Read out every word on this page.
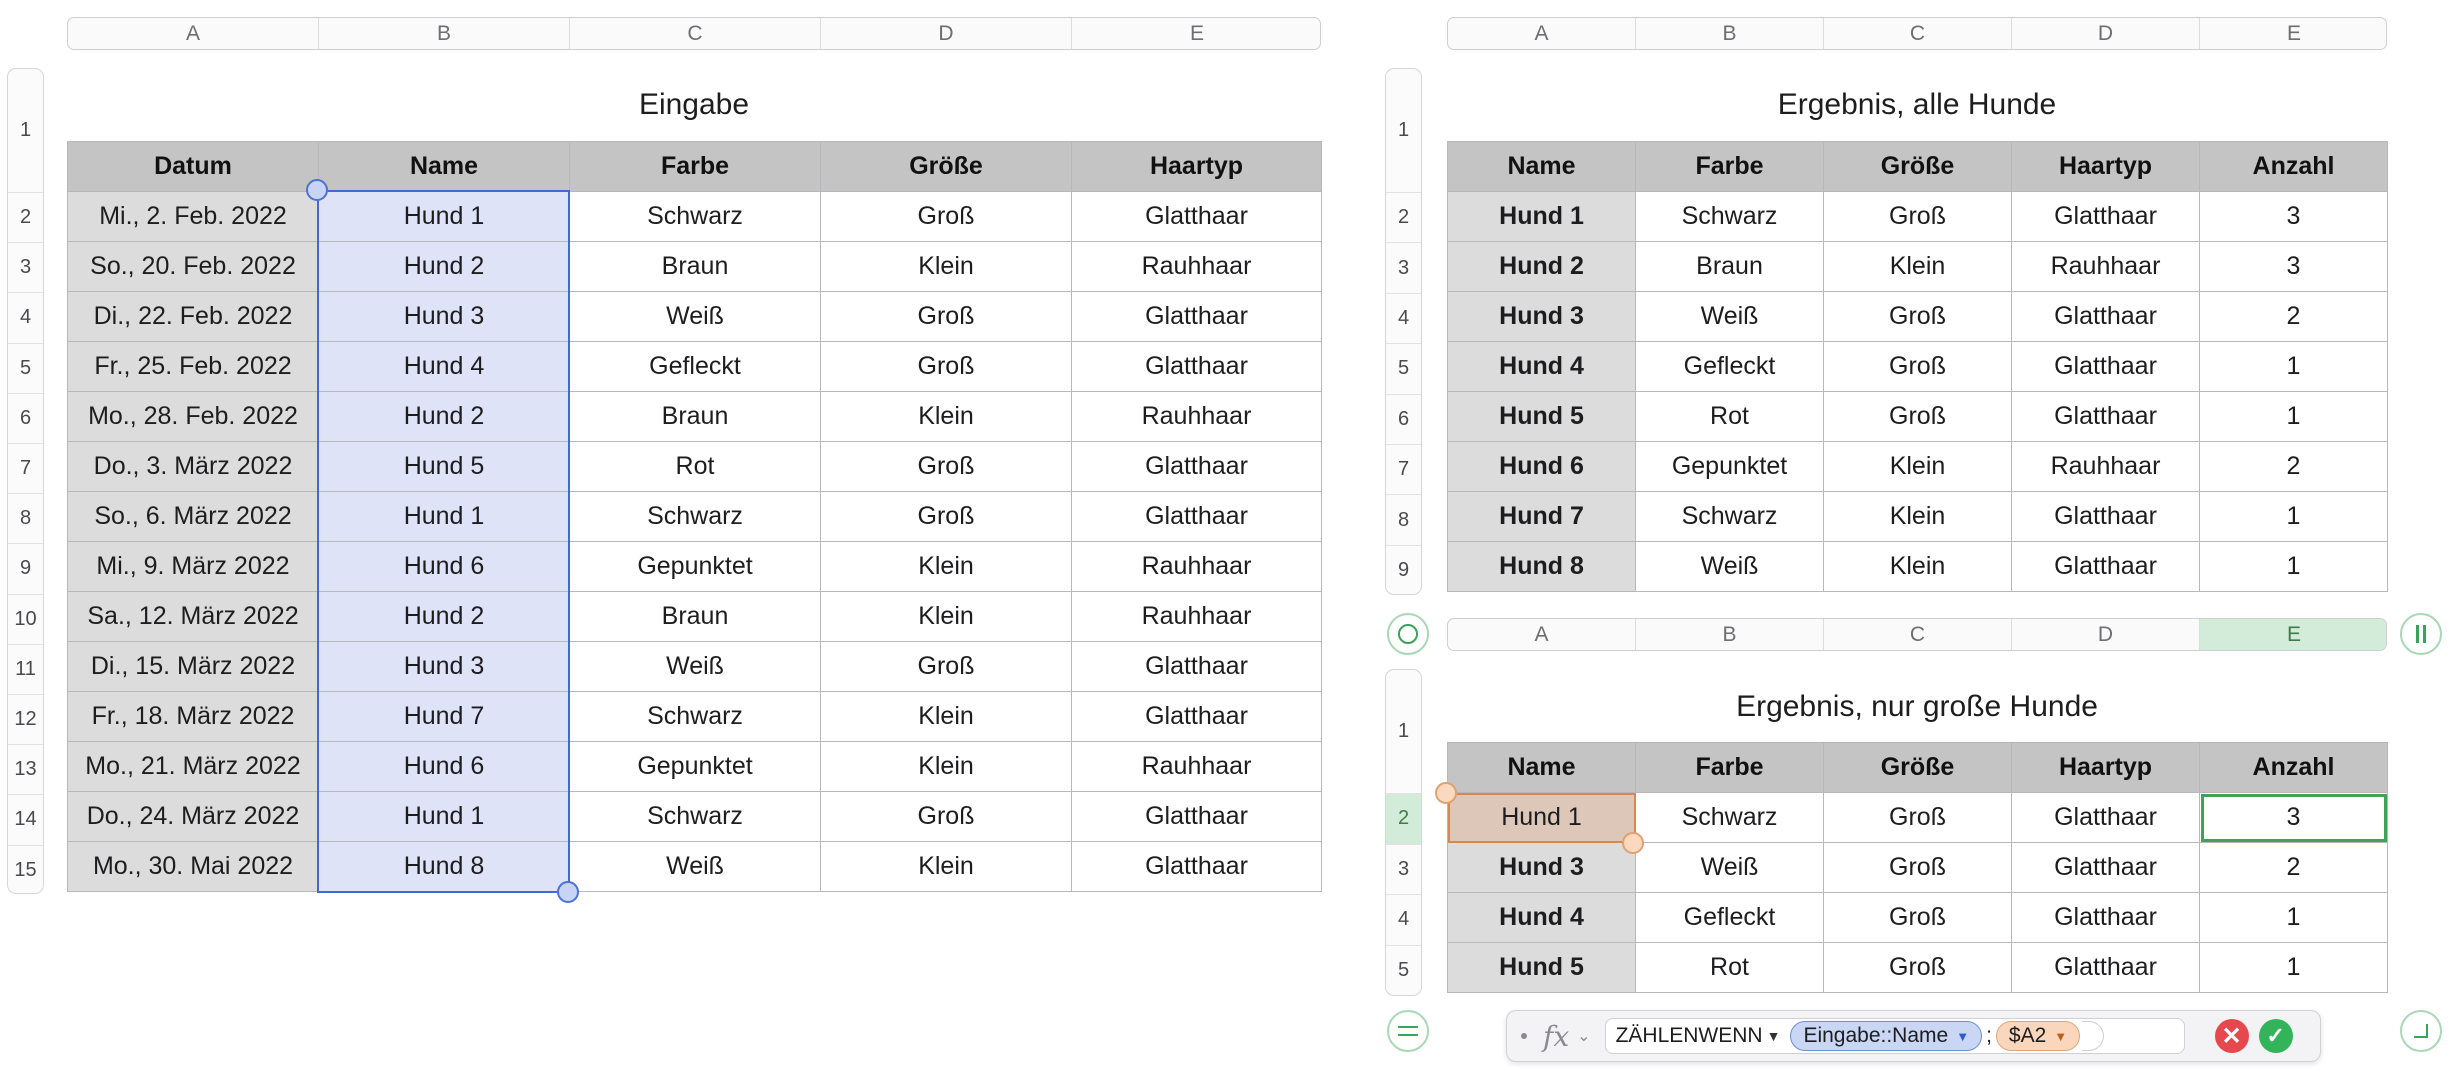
A	B	C	D	E
1
2
3
4
5
6
7
8
9
10
11
12
13
14
15
Eingabe
Datum	Name	Farbe	Größe	Haartyp
Mi., 2. Feb. 2022	Hund 1	Schwarz	Groß	Glatthaar
So., 20. Feb. 2022	Hund 2	Braun	Klein	Rauhhaar
Di., 22. Feb. 2022	Hund 3	Weiß	Groß	Glatthaar
Fr., 25. Feb. 2022	Hund 4	Gefleckt	Groß	Glatthaar
Mo., 28. Feb. 2022	Hund 2	Braun	Klein	Rauhhaar
Do., 3. März 2022	Hund 5	Rot	Groß	Glatthaar
So., 6. März 2022	Hund 1	Schwarz	Groß	Glatthaar
Mi., 9. März 2022	Hund 6	Gepunktet	Klein	Rauhhaar
Sa., 12. März 2022	Hund 2	Braun	Klein	Rauhhaar
Di., 15. März 2022	Hund 3	Weiß	Groß	Glatthaar
Fr., 18. März 2022	Hund 7	Schwarz	Klein	Glatthaar
Mo., 21. März 2022	Hund 6	Gepunktet	Klein	Rauhhaar
Do., 24. März 2022	Hund 1	Schwarz	Groß	Glatthaar
Mo., 30. Mai 2022	Hund 8	Weiß	Klein	Glatthaar
A	B	C	D	E
1
2
3
4
5
6
7
8
9
Ergebnis, alle Hunde
Name	Farbe	Größe	Haartyp	Anzahl
Hund 1	Schwarz	Groß	Glatthaar	3
Hund 2	Braun	Klein	Rauhhaar	3
Hund 3	Weiß	Groß	Glatthaar	2
Hund 4	Gefleckt	Groß	Glatthaar	1
Hund 5	Rot	Groß	Glatthaar	1
Hund 6	Gepunktet	Klein	Rauhhaar	2
Hund 7	Schwarz	Klein	Glatthaar	1
Hund 8	Weiß	Klein	Glatthaar	1
A	B	C	D	E
1
2
3
4
5
Ergebnis, nur große Hunde
Name	Farbe	Größe	Haartyp	Anzahl
Hund 1	Schwarz	Groß	Glatthaar	3
Hund 3	Weiß	Groß	Glatthaar	2
Hund 4	Gefleckt	Groß	Glatthaar	1
Hund 5	Rot	Groß	Glatthaar	1
fx ⌄ ZÄHLENWENN ▼ Eingabe::Name ▼ ; $A2 ▼	✕	✓
